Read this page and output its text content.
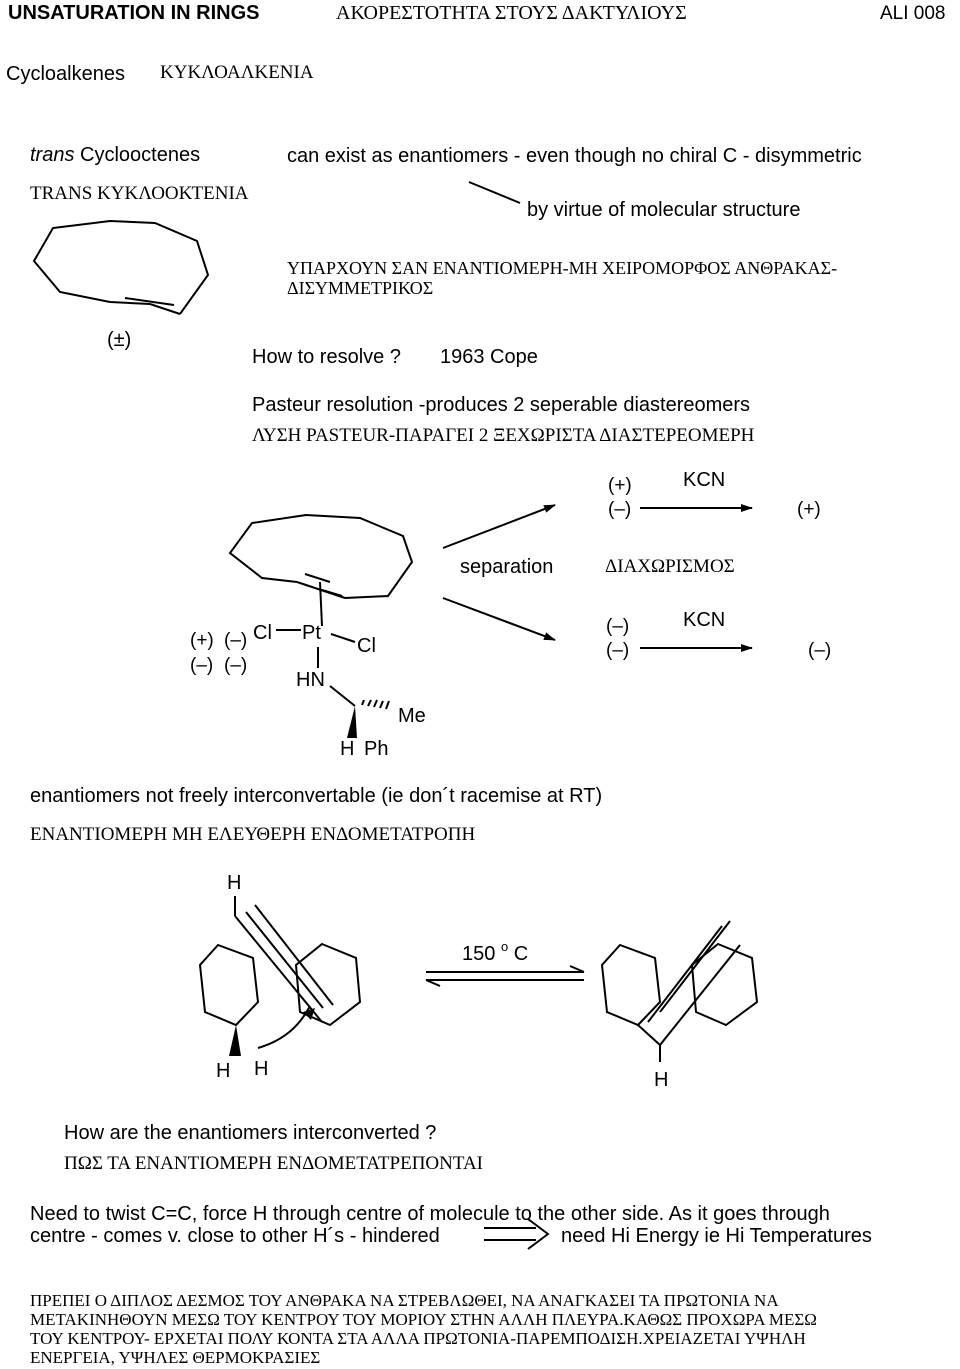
UNSATURATION IN RINGS	ΑΚΟΡΕΣΤΟΤΗΤΑ ΣΤΟΥΣ ΔΑΚΤΥΛΙΟΥΣ	ALI 008
Cycloalkenes ΚΥΚΛΟΑΛΚΕΝΙΑ
trans Cyclooctenes
TRANS ΚΥΚΛΟΟΚΤΕΝΙΑ
can exist as enantiomers - even though no chiral C - disymmetric
by virtue of molecular structure
ΥΠΑΡΧΟΥΝ ΣΑΝ ΕΝΑΝΤΙΟΜΕΡΗ-ΜΗ ΧΕΙΡΟΜΟΡΦΟΣ ΑΝΘΡΑΚΑΣ-
ΔΙΣΥΜΜΕΤΡΙΚΟΣ
(±)
How to resolve ? 1963 Cope
Pasteur resolution -produces 2 seperable diastereomers
ΛΥΣΗ PASTEUR-ΠΑΡΑΓΕΙ 2 ΞΕΧΩΡΙΣΤΑ ΔΙΑΣΤΕΡΕΟΜΕΡΗ
(+)
(–)
KCN
(+)
separation	ΔΙΑΧΩΡΙΣΜΟΣ
(–)
(–)
KCN
(–)
(+) (–)
(–) (–)
Cl Pt
Cl
HN
Me
H Ph
enantiomers not freely interconvertable (ie don´t racemise at RT)
ΕΝΑΝΤΙΟΜΕΡΗ ΜΗ ΕΛΕΥΘΕΡΗ ΕΝΔΟΜΕΤΑΤΡΟΠΗ
H
150 $^o$ C
H H	H
How are the enantiomers interconverted ?
ΠΩΣ ΤΑ ΕΝΑΝΤΙΟΜΕΡΗ ΕΝΔΟΜΕΤΑΤΡΕΠΟΝΤΑΙ
Need to twist C=C, force H through centre of molecule to the other side. As it goes through
centre - comes v. close to other H´s - hindered	need Hi Energy ie Hi Temperatures
ΠΡΕΠΕΙ Ο ΔΙΠΛΟΣ ΔΕΣΜΟΣ ΤΟΥ ΑΝΘΡΑΚΑ ΝΑ ΣΤΡΕΒΛΩΘΕΙ, ΝΑ ΑΝΑΓΚΑΣΕΙ ΤΑ ΠΡΩΤΟΝΙΑ ΝΑ
ΜΕΤΑΚΙΝΗΘΟΥΝ ΜΕΣΩ ΤΟΥ ΚΕΝΤΡΟΥ ΤΟΥ ΜΟΡΙΟΥ ΣΤΗΝ ΑΛΛΗ ΠΛΕΥΡΑ.ΚΑΘΩΣ ΠΡΟΧΩΡΑ ΜΕΣΩ
ΤΟΥ ΚΕΝΤΡΟΥ- ΕΡΧΕΤΑΙ ΠΟΛΥ ΚΟΝΤΑ ΣΤΑ ΑΛΛΑ ΠΡΩΤΟΝΙΑ-ΠΑΡΕΜΠΟΔΙΣΗ.ΧΡΕΙΑΖΕΤΑΙ ΥΨΗΛΗ
ΕΝΕΡΓΕΙΑ, ΥΨΗΛΕΣ ΘΕΡΜΟΚΡΑΣΙΕΣ
